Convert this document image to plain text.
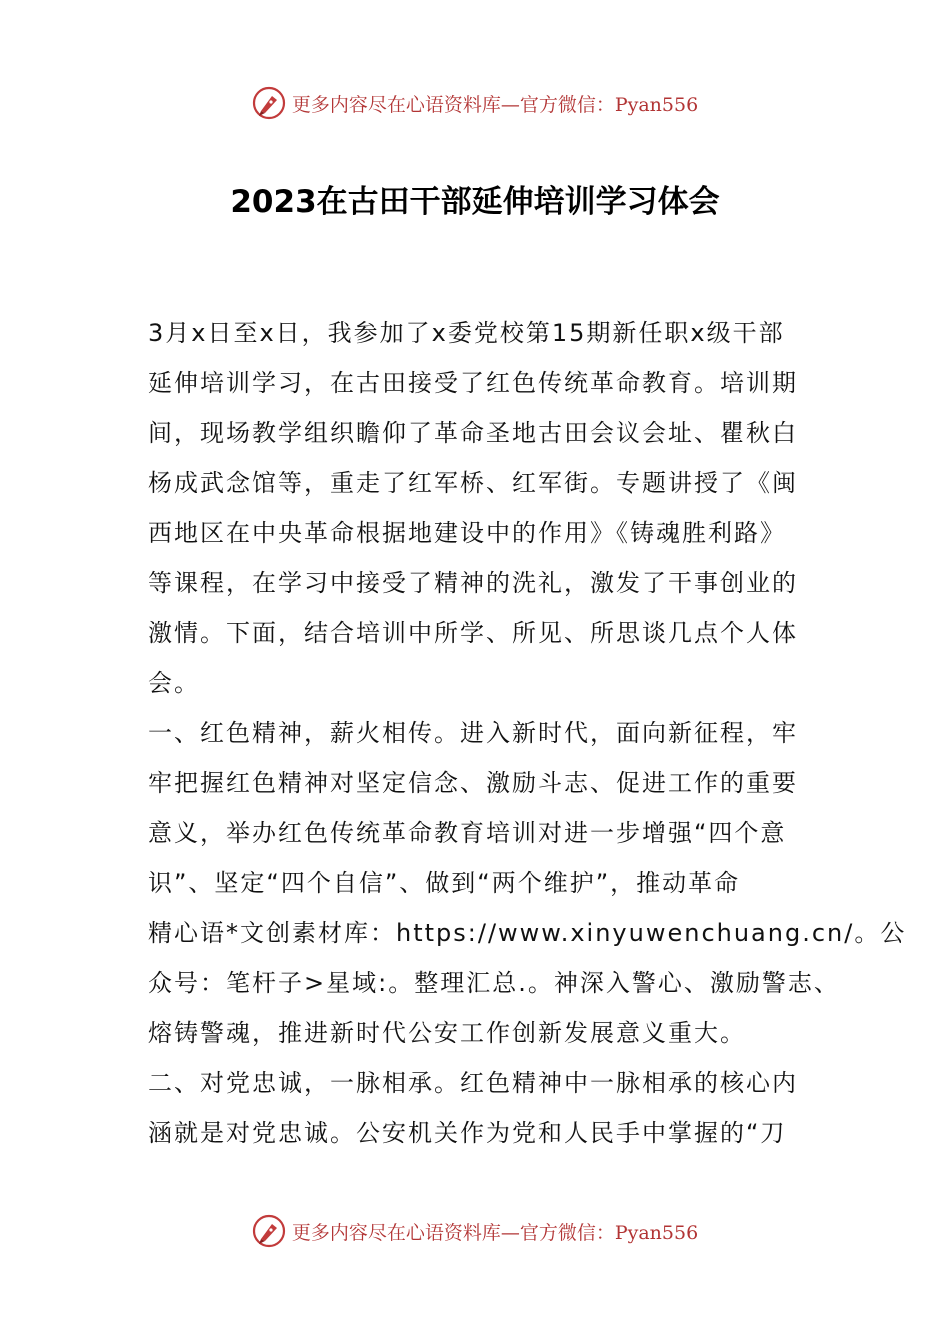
更多内容尽在心语资料库—官方微信：Pyan556
2023在古田干部延伸培训学习体会
3月x日至x日，我参加了x委党校第15期新任职x级干部
延伸培训学习，在古田接受了红色传统革命教育。培训期
间，现场教学组织瞻仰了革命圣地古田会议会址、瞿秋白
杨成武念馆等，重走了红军桥、红军街。专题讲授了《闽
西地区在中央革命根据地建设中的作用》《铸魂胜利路》
等课程，在学习中接受了精神的洗礼，激发了干事创业的
激情。下面，结合培训中所学、所见、所思谈几点个人体
会。
一、红色精神，薪火相传。进入新时代，面向新征程，牢
牢把握红色精神对坚定信念、激励斗志、促进工作的重要
意义，举办红色传统革命教育培训对进一步增强“四个意
识”、坚定“四个自信”、做到“两个维护”，推动革命
精心语*文创素材库：https://www.xinyuwenchuang.cn/。公
众号：笔杆子>星域:。整理汇总.。神深入警心、激励警志、
熔铸警魂，推进新时代公安工作创新发展意义重大。
二、对党忠诚，一脉相承。红色精神中一脉相承的核心内
涵就是对党忠诚。公安机关作为党和人民手中掌握的“刀
更多内容尽在心语资料库—官方微信：Pyan556
